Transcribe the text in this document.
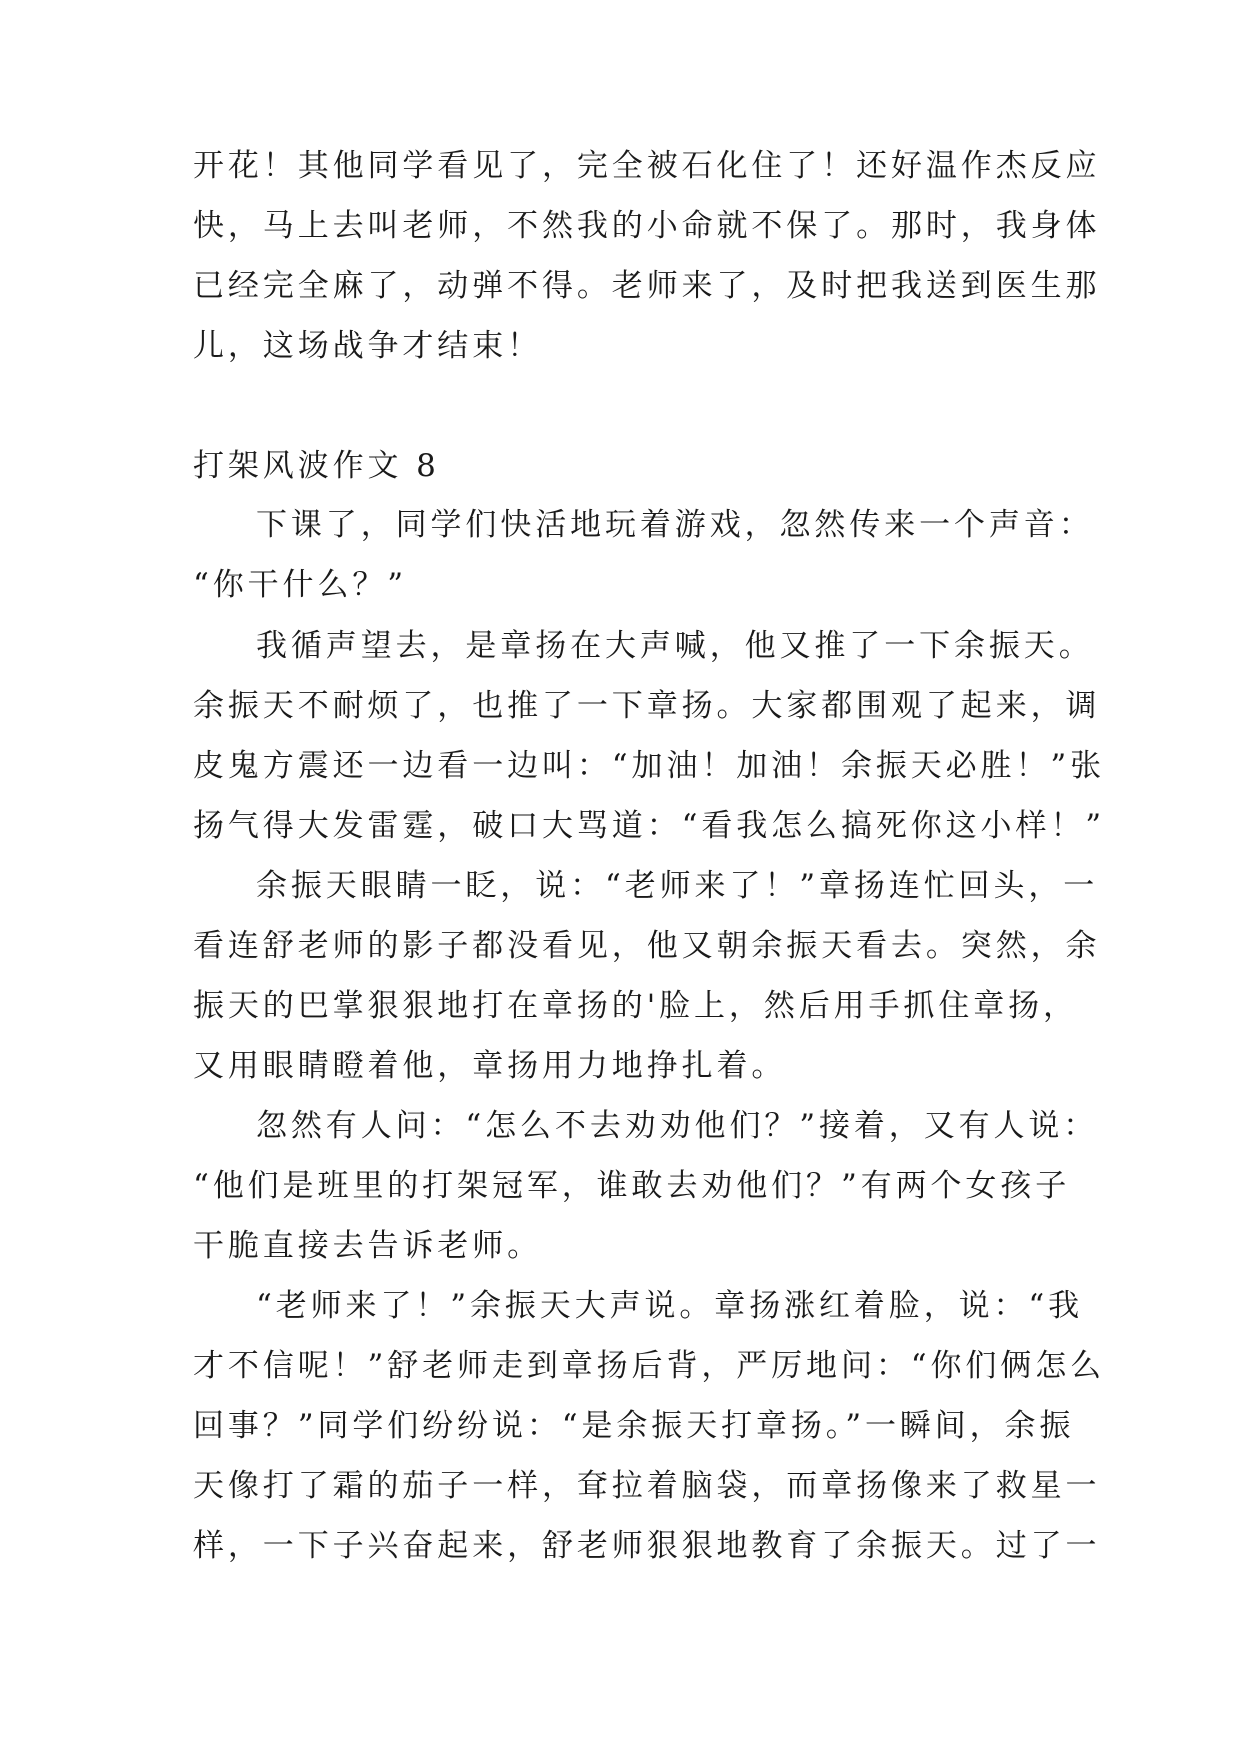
开花！其他同学看见了，完全被石化住了！还好温作杰反应
快，马上去叫老师，不然我的小命就不保了。那时，我身体
已经完全麻了，动弹不得。老师来了，及时把我送到医生那
儿，这场战争才结束！
打架风波作文 8
下课了，同学们快活地玩着游戏，忽然传来一个声音：
“你干什么？”
我循声望去，是章扬在大声喊，他又推了一下余振天。
余振天不耐烦了，也推了一下章扬。大家都围观了起来，调
皮鬼方震还一边看一边叫：“加油！加油！余振天必胜！”张
扬气得大发雷霆，破口大骂道：“看我怎么搞死你这小样！”
余振天眼睛一眨，说：“老师来了！”章扬连忙回头，一
看连舒老师的影子都没看见，他又朝余振天看去。突然，余
振天的巴掌狠狠地打在章扬的'脸上，然后用手抓住章扬，
又用眼睛瞪着他，章扬用力地挣扎着。
忽然有人问：“怎么不去劝劝他们？”接着，又有人说：
“他们是班里的打架冠军，谁敢去劝他们？”有两个女孩子
干脆直接去告诉老师。
“老师来了！”余振天大声说。章扬涨红着脸，说：“我
才不信呢！”舒老师走到章扬后背，严厉地问：“你们俩怎么
回事？”同学们纷纷说：“是余振天打章扬。”一瞬间，余振
天像打了霜的茄子一样，耷拉着脑袋，而章扬像来了救星一
样，一下子兴奋起来，舒老师狠狠地教育了余振天。过了一
